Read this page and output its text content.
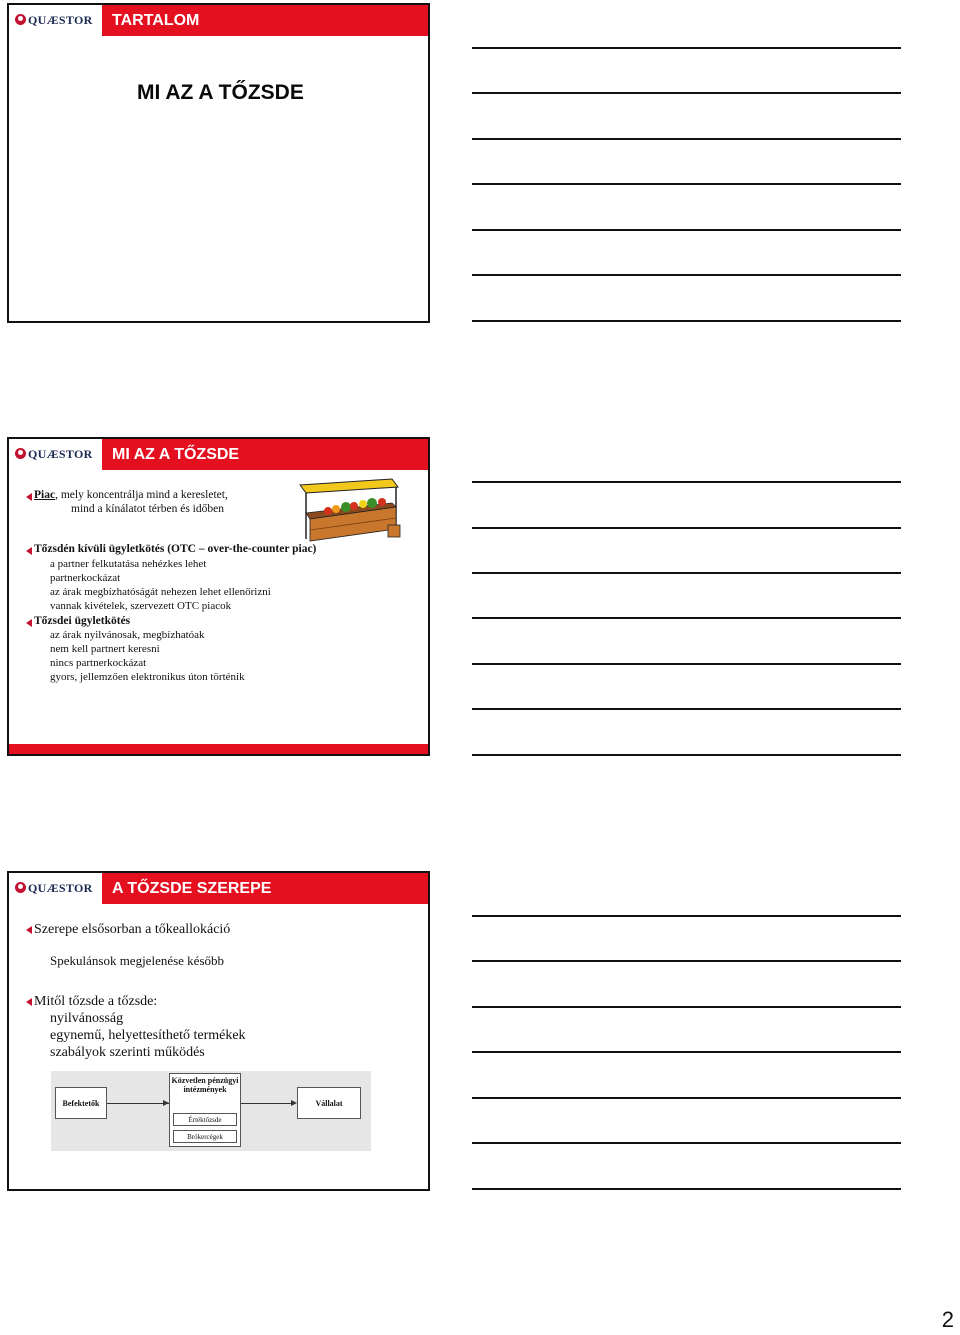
QUÆSTOR TARTALOM
MI AZ A TŐZSDE
QUÆSTOR MI AZ A TŐZSDE
Piac, mely koncentrálja mind a keresletet,
mind a kínálatot térben és időben
Tőzsdén kívüli ügyletkötés (OTC – over-the-counter piac)
a partner felkutatása nehézkes lehet
partnerkockázat
az árak megbízhatóságát nehezen lehet ellenőrizni
vannak kivételek, szervezett OTC piacok
Tőzsdei ügyletkötés
az árak nyilvánosak, megbízhatóak
nem kell partnert keresni
nincs partnerkockázat
gyors, jellemzően elektronikus úton történik
QUÆSTOR A TŐZSDE SZEREPE
Szerepe elsősorban a tőkeallokáció
Spekulánsok megjelenése később
Mitől tőzsde a tőzsde:
nyilvánosság
egynemű, helyettesíthető termékek
szabályok szerinti működés
Befektetők
Közvetlen pénzügyi intézmények
Értéktőzsde
Brókercégek
Vállalat
2
